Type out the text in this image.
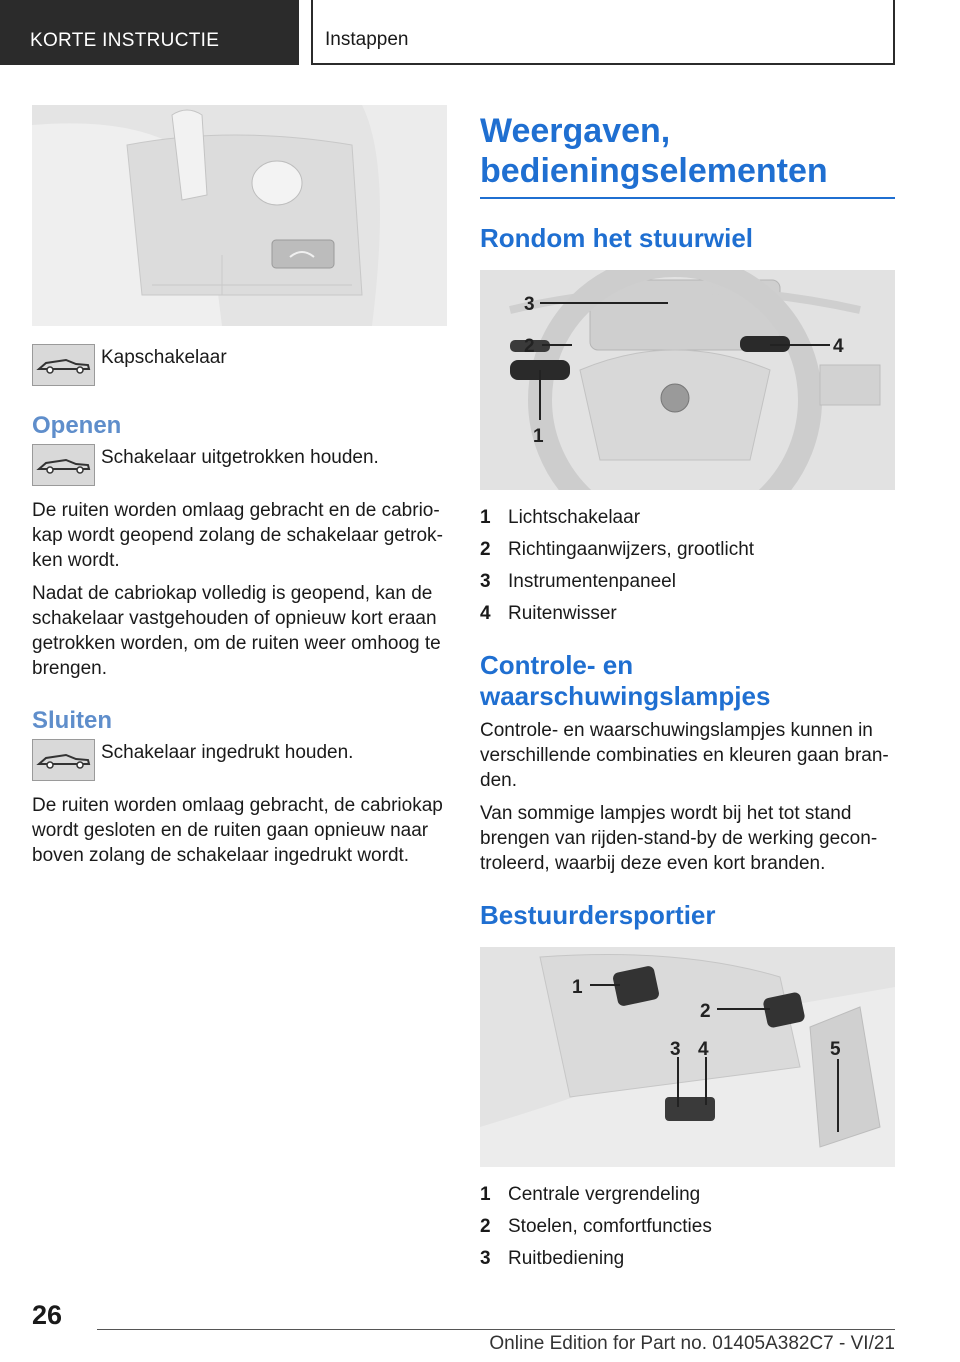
KORTE INSTRUCTIE	Instappen
Kapschakelaar
Openen
Schakelaar uitgetrokken houden.

De ruiten worden omlaag gebracht en de cabriokap wordt geopend zolang de schakelaar getrokken wordt.

Nadat de cabriokap volledig is geopend, kan de schakelaar vastgehouden of opnieuw kort eraan getrokken worden, om de ruiten weer omhoog te brengen.

Sluiten
Schakelaar ingedrukt houden.

De ruiten worden omlaag gebracht, de cabriokap wordt gesloten en de ruiten gaan opnieuw naar boven zolang de schakelaar ingedrukt wordt.

Weergaven, bedieningselementen
Rondom het stuurwiel
3
2
1
4
1 Lichtschakelaar
2 Richtingaanwijzers, grootlicht
3 Instrumentenpaneel
4 Ruitenwisser
Controle- en waarschuwingslampjes

Controle- en waarschuwingslampjes kunnen in verschillende combinaties en kleuren gaan branden.

Van sommige lampjes wordt bij het tot stand brengen van rijden-stand-by de werking gecontroleerd, waarbij deze even kort branden.

Bestuurdersportier
1
2
3 4	5
1 Centrale vergrendeling
2 Stoelen, comfortfuncties
3 Ruitbediening
26
Online Edition for Part no. 01405A382C7 - VI/21
